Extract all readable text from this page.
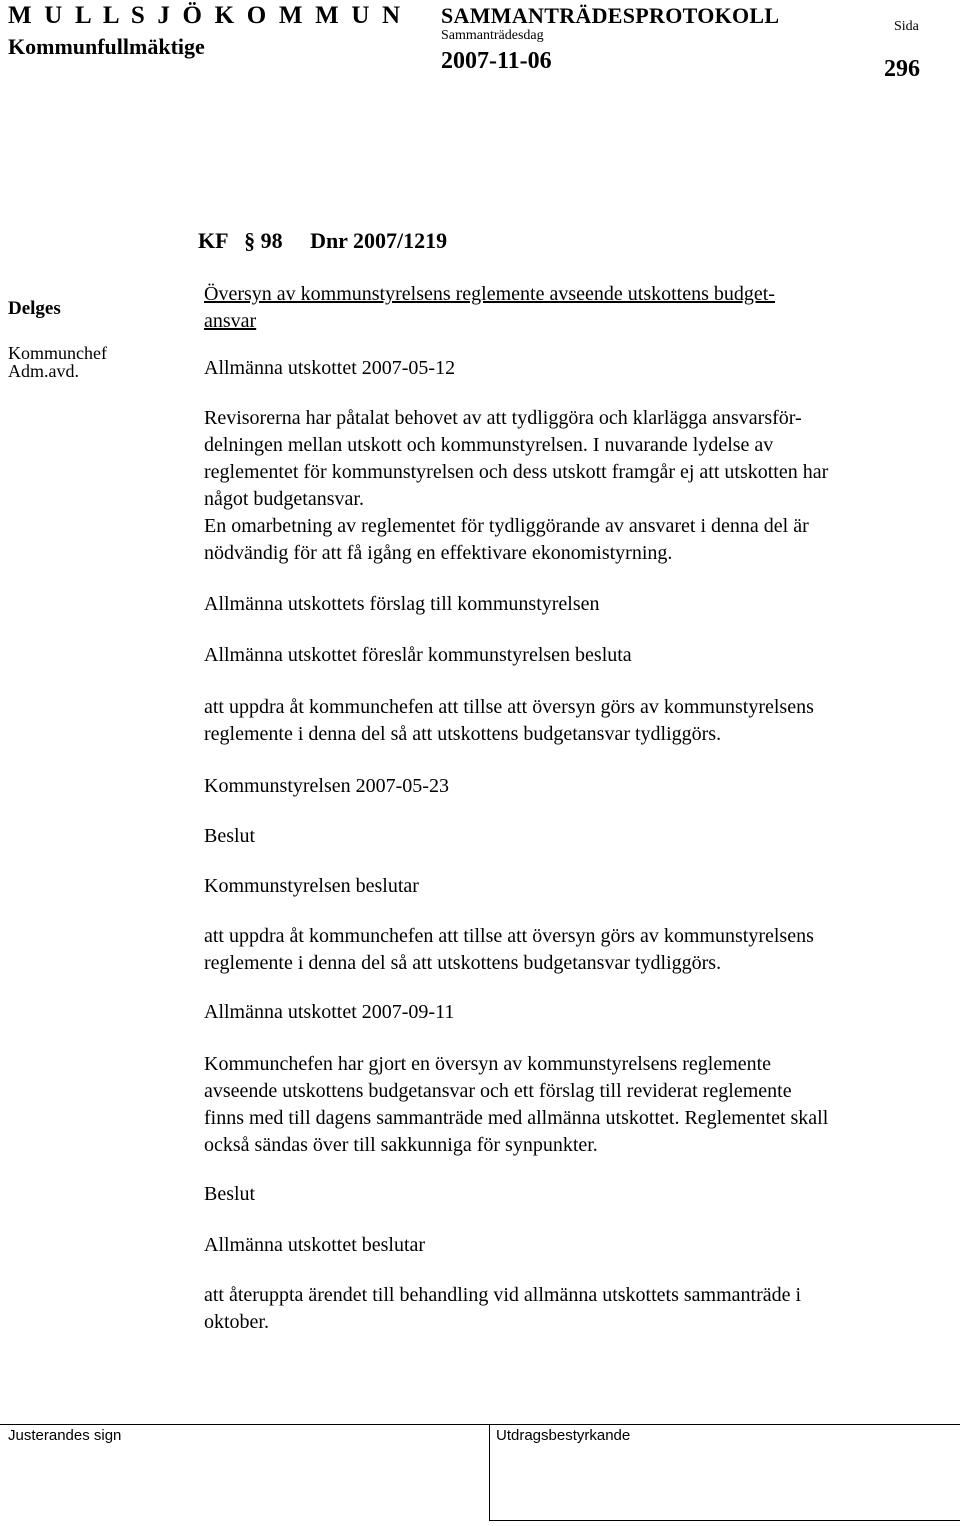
M U L L S J Ö K O M M U N
Kommunfullmäktige
SAMMANTRÄDESPROTOKOLL
Sammanträdesdag
2007-11-06
Sida
296
KF § 98 Dnr 2007/1219
Delges
Kommunchef
Adm.avd.
Översyn av kommunstyrelsens reglemente avseende utskottens budget-
ansvar
Allmänna utskottet 2007-05-12
Revisorerna har påtalat behovet av att tydliggöra och klarlägga ansvarsför-
delningen mellan utskott och kommunstyrelsen. I nuvarande lydelse av
reglementet för kommunstyrelsen och dess utskott framgår ej att utskotten har
något budgetansvar.
En omarbetning av reglementet för tydliggörande av ansvaret i denna del är
nödvändig för att få igång en effektivare ekonomistyrning.
Allmänna utskottets förslag till kommunstyrelsen
Allmänna utskottet föreslår kommunstyrelsen besluta
att uppdra åt kommunchefen att tillse att översyn görs av kommunstyrelsens
reglemente i denna del så att utskottens budgetansvar tydliggörs.
Kommunstyrelsen 2007-05-23
Beslut
Kommunstyrelsen beslutar
att uppdra åt kommunchefen att tillse att översyn görs av kommunstyrelsens
reglemente i denna del så att utskottens budgetansvar tydliggörs.
Allmänna utskottet 2007-09-11
Kommunchefen har gjort en översyn av kommunstyrelsens reglemente
avseende utskottens budgetansvar och ett förslag till reviderat reglemente
finns med till dagens sammanträde med allmänna utskottet. Reglementet skall
också sändas över till sakkunniga för synpunkter.
Beslut
Allmänna utskottet beslutar
att återuppta ärendet till behandling vid allmänna utskottets sammanträde i
oktober.
Justerandes sign	Utdragsbestyrkande
